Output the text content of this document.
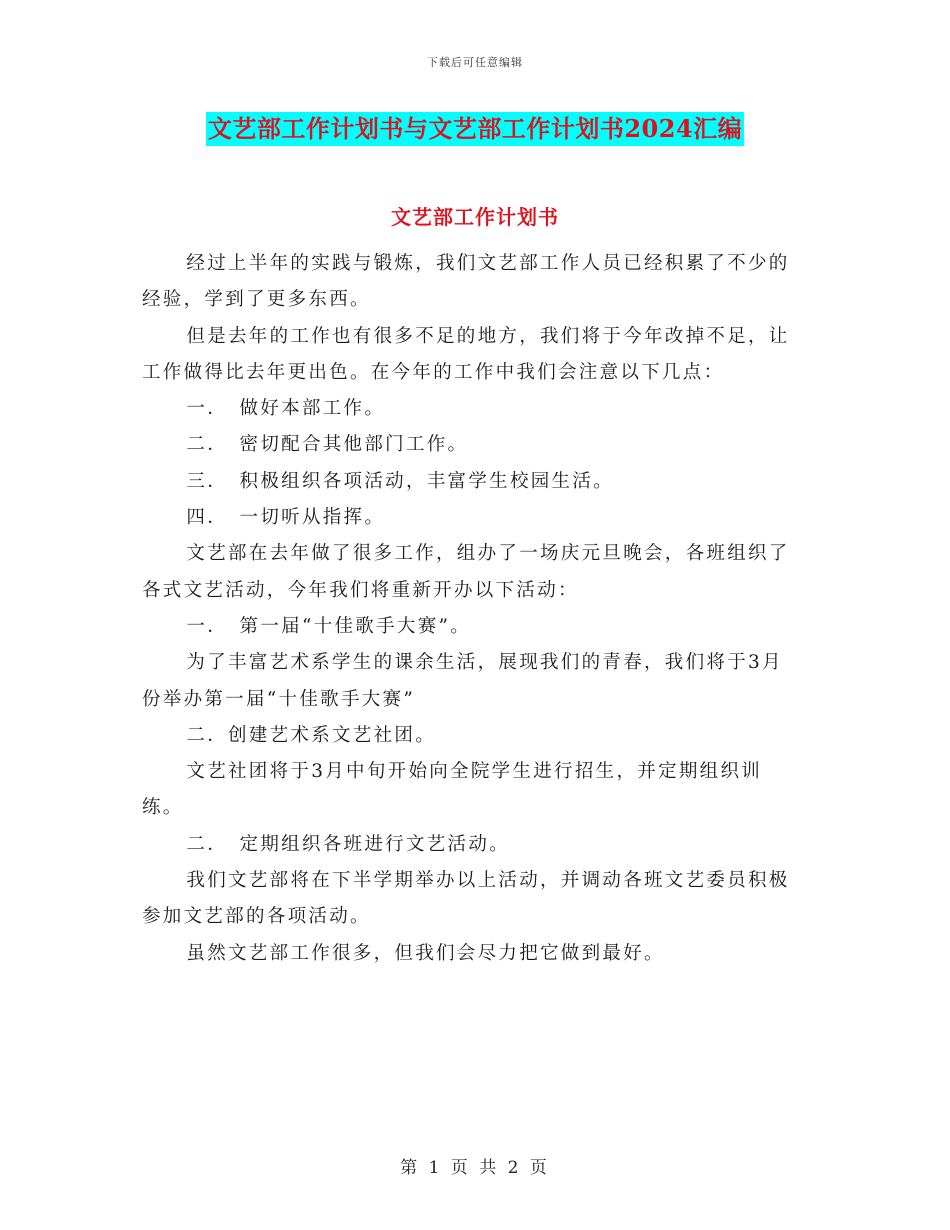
下载后可任意编辑
文艺部工作计划书与文艺部工作计划书2024汇编
文艺部工作计划书

经过上半年的实践与锻炼，我们文艺部工作人员已经积累了不少的经验，学到了更多东西。

但是去年的工作也有很多不足的地方，我们将于今年改掉不足，让工作做得比去年更出色。在今年的工作中我们会注意以下几点：

一．　做好本部工作。

二．　密切配合其他部门工作。

三．　积极组织各项活动，丰富学生校园生活。

四．　一切听从指挥。

文艺部在去年做了很多工作，组办了一场庆元旦晚会，各班组织了各式文艺活动，今年我们将重新开办以下活动：

一．　第一届“十佳歌手大赛”。

为了丰富艺术系学生的课余生活，展现我们的青春，我们将于3月份举办第一届“十佳歌手大赛”

二．创建艺术系文艺社团。

文艺社团将于3月中旬开始向全院学生进行招生，并定期组织训练。

二．　定期组织各班进行文艺活动。

我们文艺部将在下半学期举办以上活动，并调动各班文艺委员积极参加文艺部的各项活动。

虽然文艺部工作很多，但我们会尽力把它做到最好。

第 1 页 共 2 页
